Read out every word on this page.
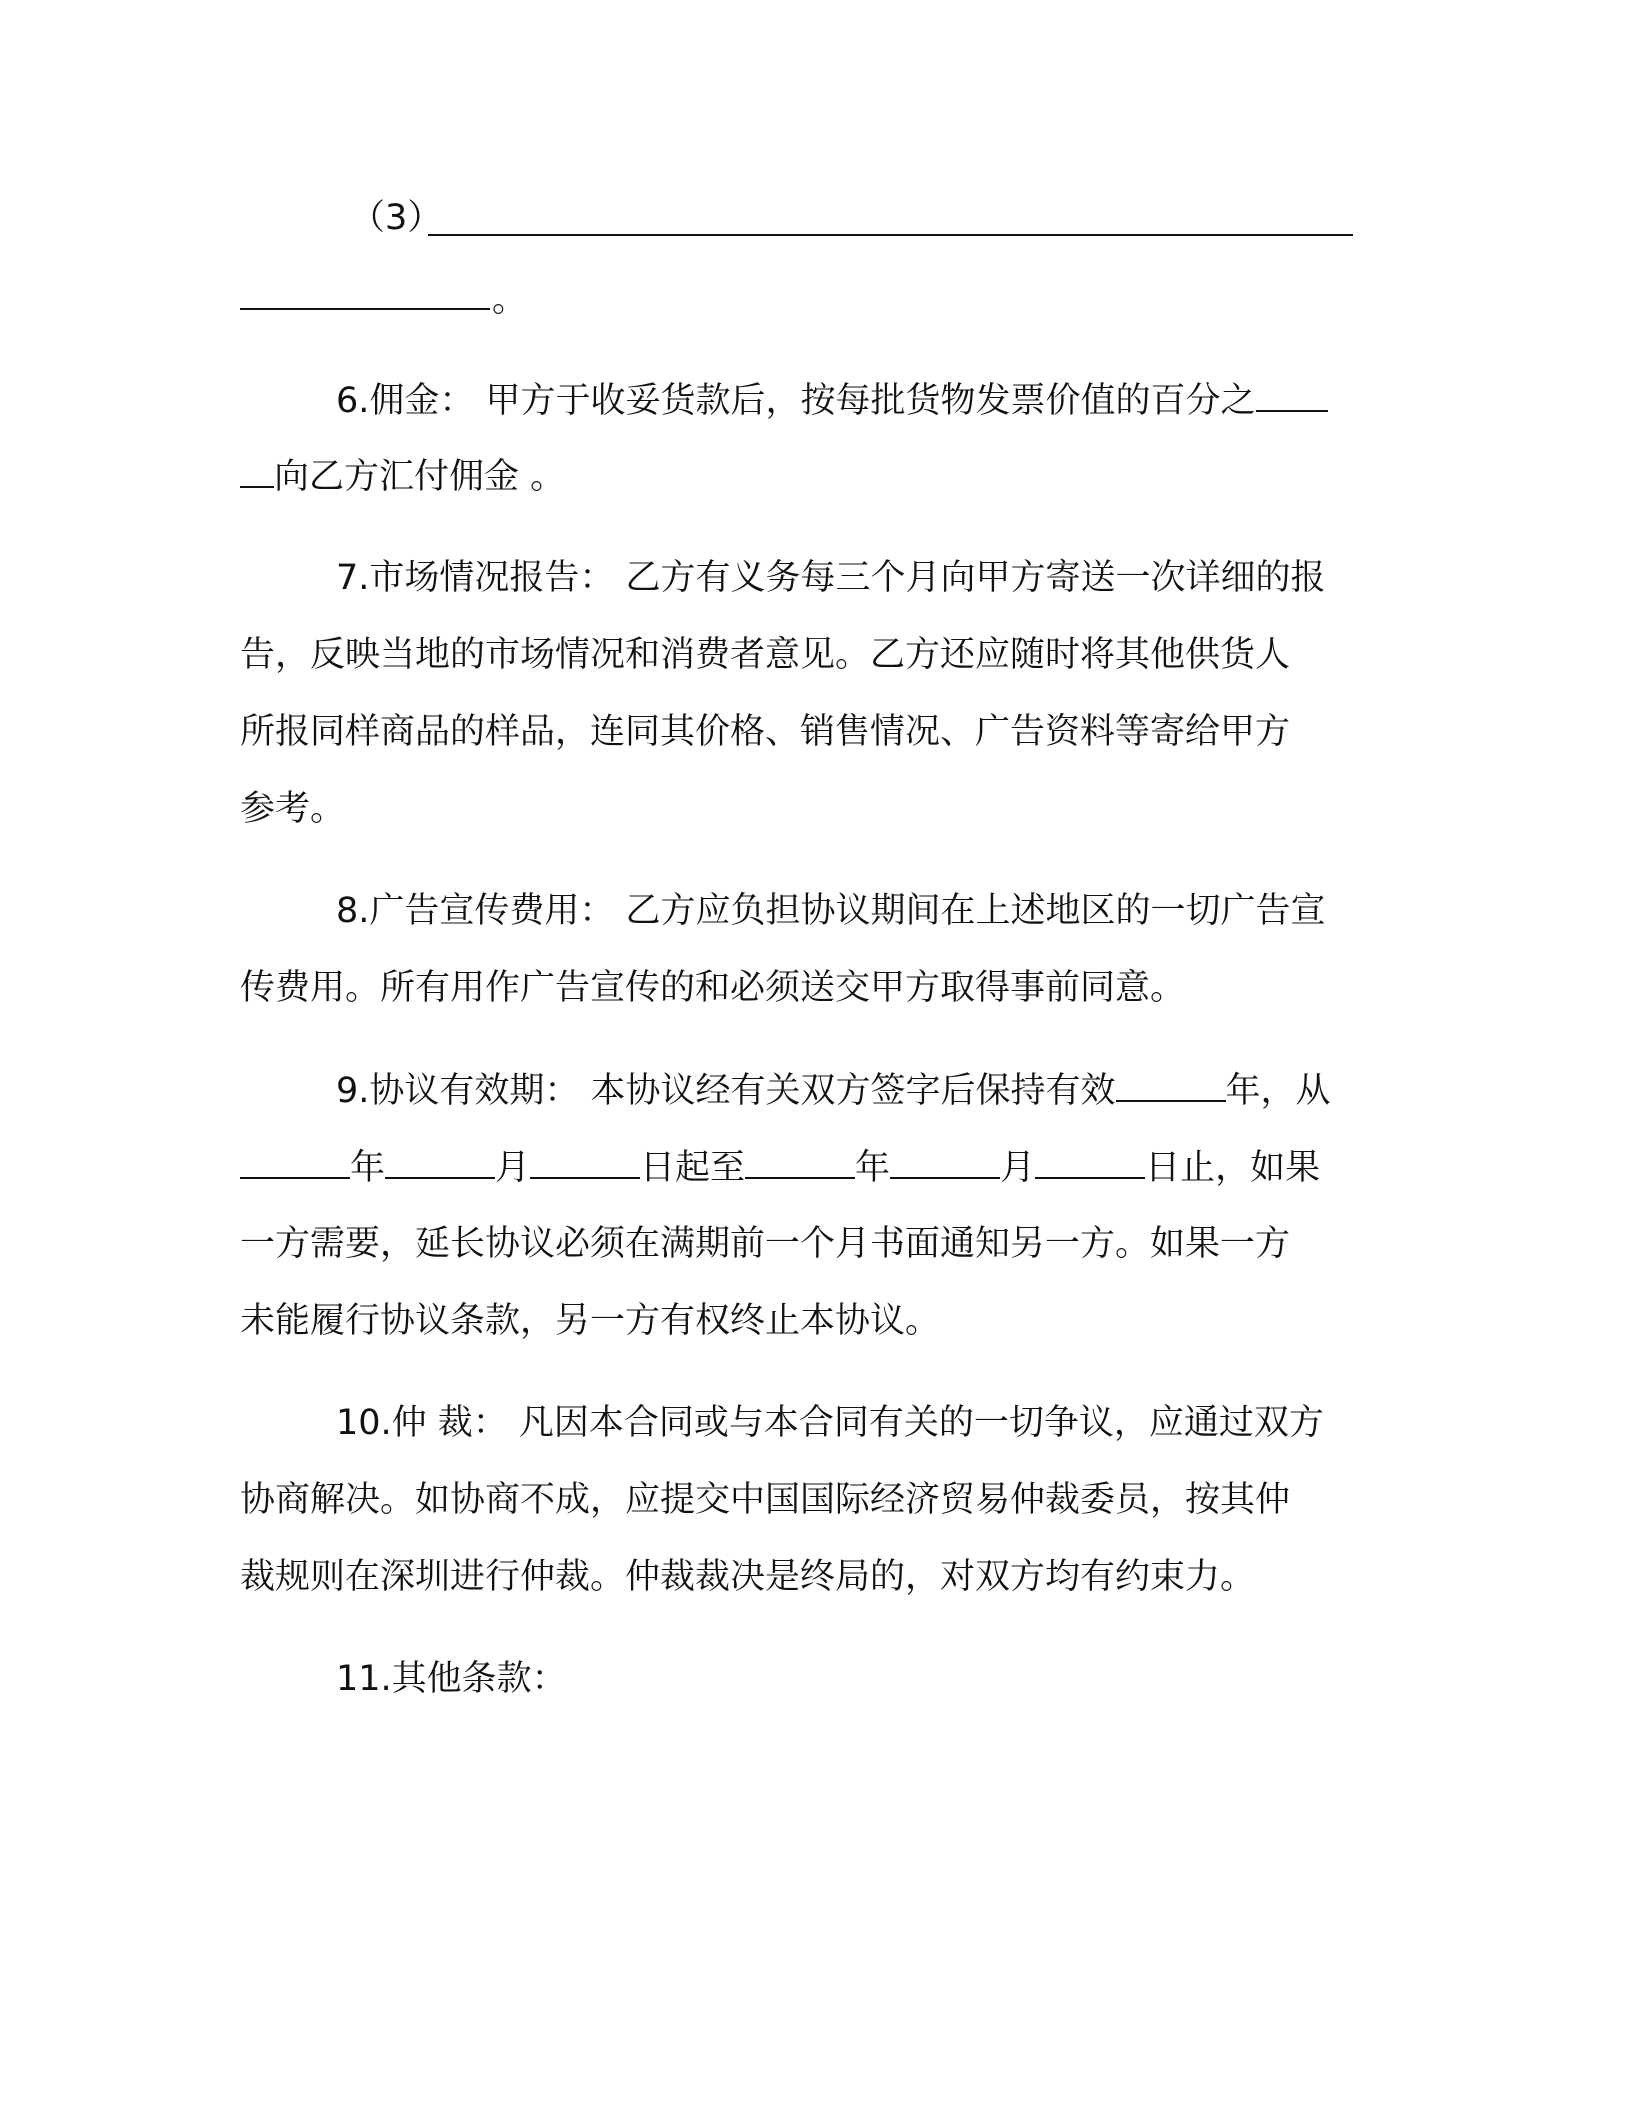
（3）
。
6.佣金： 甲方于收妥货款后，按每批货物发票价值的百分之
向乙方汇付佣金 。
7.市场情况报告： 乙方有义务每三个月向甲方寄送一次详细的报
告，反映当地的市场情况和消费者意见。乙方还应随时将其他供货人
所报同样商品的样品，连同其价格、销售情况、广告资料等寄给甲方
参考。
8.广告宣传费用： 乙方应负担协议期间在上述地区的一切广告宣
传费用。所有用作广告宣传的和必须送交甲方取得事前同意。
9.协议有效期： 本协议经有关双方签字后保持有效	年，从
年	月	日起至	年	月	日止，如果
一方需要，延长协议必须在满期前一个月书面通知另一方。如果一方
未能履行协议条款，另一方有权终止本协议。
10.仲 裁： 凡因本合同或与本合同有关的一切争议，应通过双方
协商解决。如协商不成，应提交中国国际经济贸易仲裁委员，按其仲
裁规则在深圳进行仲裁。仲裁裁决是终局的，对双方均有约束力。
11.其他条款：
